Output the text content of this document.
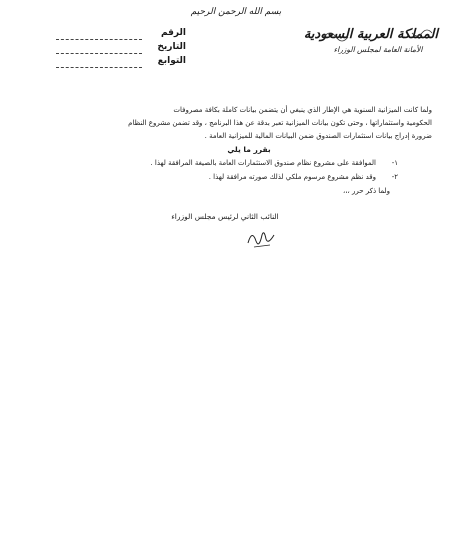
بسم الله الرحمن الرحيم
الرقم
التاريخ
التوابع
المملكة العربية السعودية
الأمانة العامة لمجلس الوزراء

ولما كانت الميزانية السنوية هي الإطار الذي ينبغي أن يتضمن بيانات كاملة بكافة مصروفات

الحكومية واستثماراتها ، وحتى تكون بيانات الميزانية تعبر بدقة عن هذا البرنامج ، وقد تضمن مشروع النظام

ضرورة إدراج بيانات استثمارات الصندوق ضمن البيانات المالية للميزانية العامة .

بقرر ما يلي
١-
الموافقة على مشروع نظام صندوق الاستثمارات العامة بالصيغة المرافقة لهذا .
٢-
وقد نظم مشروع مرسوم ملكي لذلك صورته مرافقة لهذا .
ولما ذكر حرر ،،،
النائب الثاني لرئيس مجلس الوزراء
